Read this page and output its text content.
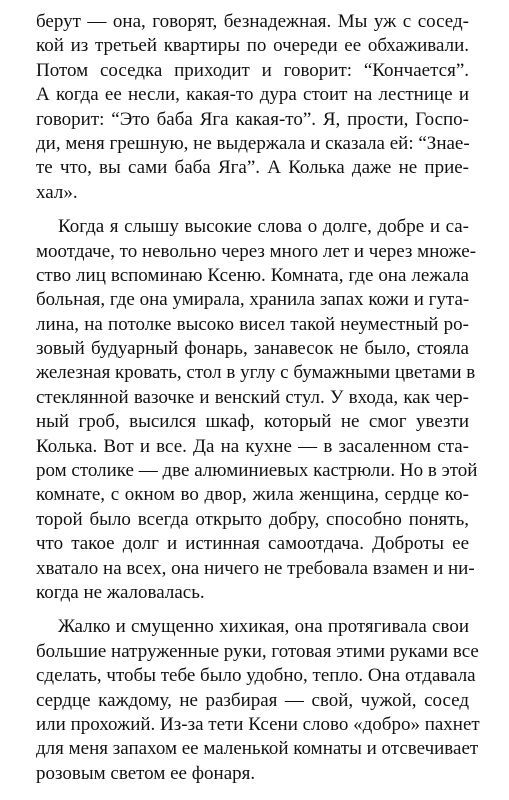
берут — она, говорят, безнадежная. Мы уж с сосед-
кой из третьей квартиры по очереди ее обхаживали.
Потом соседка приходит и говорит: “Кончается”.
А когда ее несли, какая-то дура стоит на лестнице и
говорит: “Это баба Яга какая-то”. Я, прости, Госпо-
ди, меня грешную, не выдержала и сказала ей: “Знае-
те что, вы сами баба Яга”. А Колька даже не прие-
хал».
Когда я слышу высокие слова о долге, добре и са-
моотдаче, то невольно через много лет и через множе-
ство лиц вспоминаю Ксеню. Комната, где она лежала
больная, где она умирала, хранила запах кожи и гута-
лина, на потолке высоко висел такой неуместный ро-
зовый будуарный фонарь, занавесок не было, стояла
железная кровать, стол в углу с бумажными цветами в
стеклянной вазочке и венский стул. У входа, как чер-
ный гроб, высился шкаф, который не смог увезти
Колька. Вот и все. Да на кухне — в засаленном ста-
ром столике — две алюминиевых кастрюли. Но в этой
комнате, с окном во двор, жила женщина, сердце ко-
торой было всегда открыто добру, способно понять,
что такое долг и истинная самоотдача. Доброты ее
хватало на всех, она ничего не требовала взамен и ни-
когда не жаловалась.
Жалко и смущенно хихикая, она протягивала свои
большие натруженные руки, готовая этими руками все
сделать, чтобы тебе было удобно, тепло. Она отдавала
сердце каждому, не разбирая — свой, чужой, сосед
или прохожий. Из-за тети Ксени слово «добро» пахнет
для меня запахом ее маленькой комнаты и отсвечивает
розовым светом ее фонаря.
